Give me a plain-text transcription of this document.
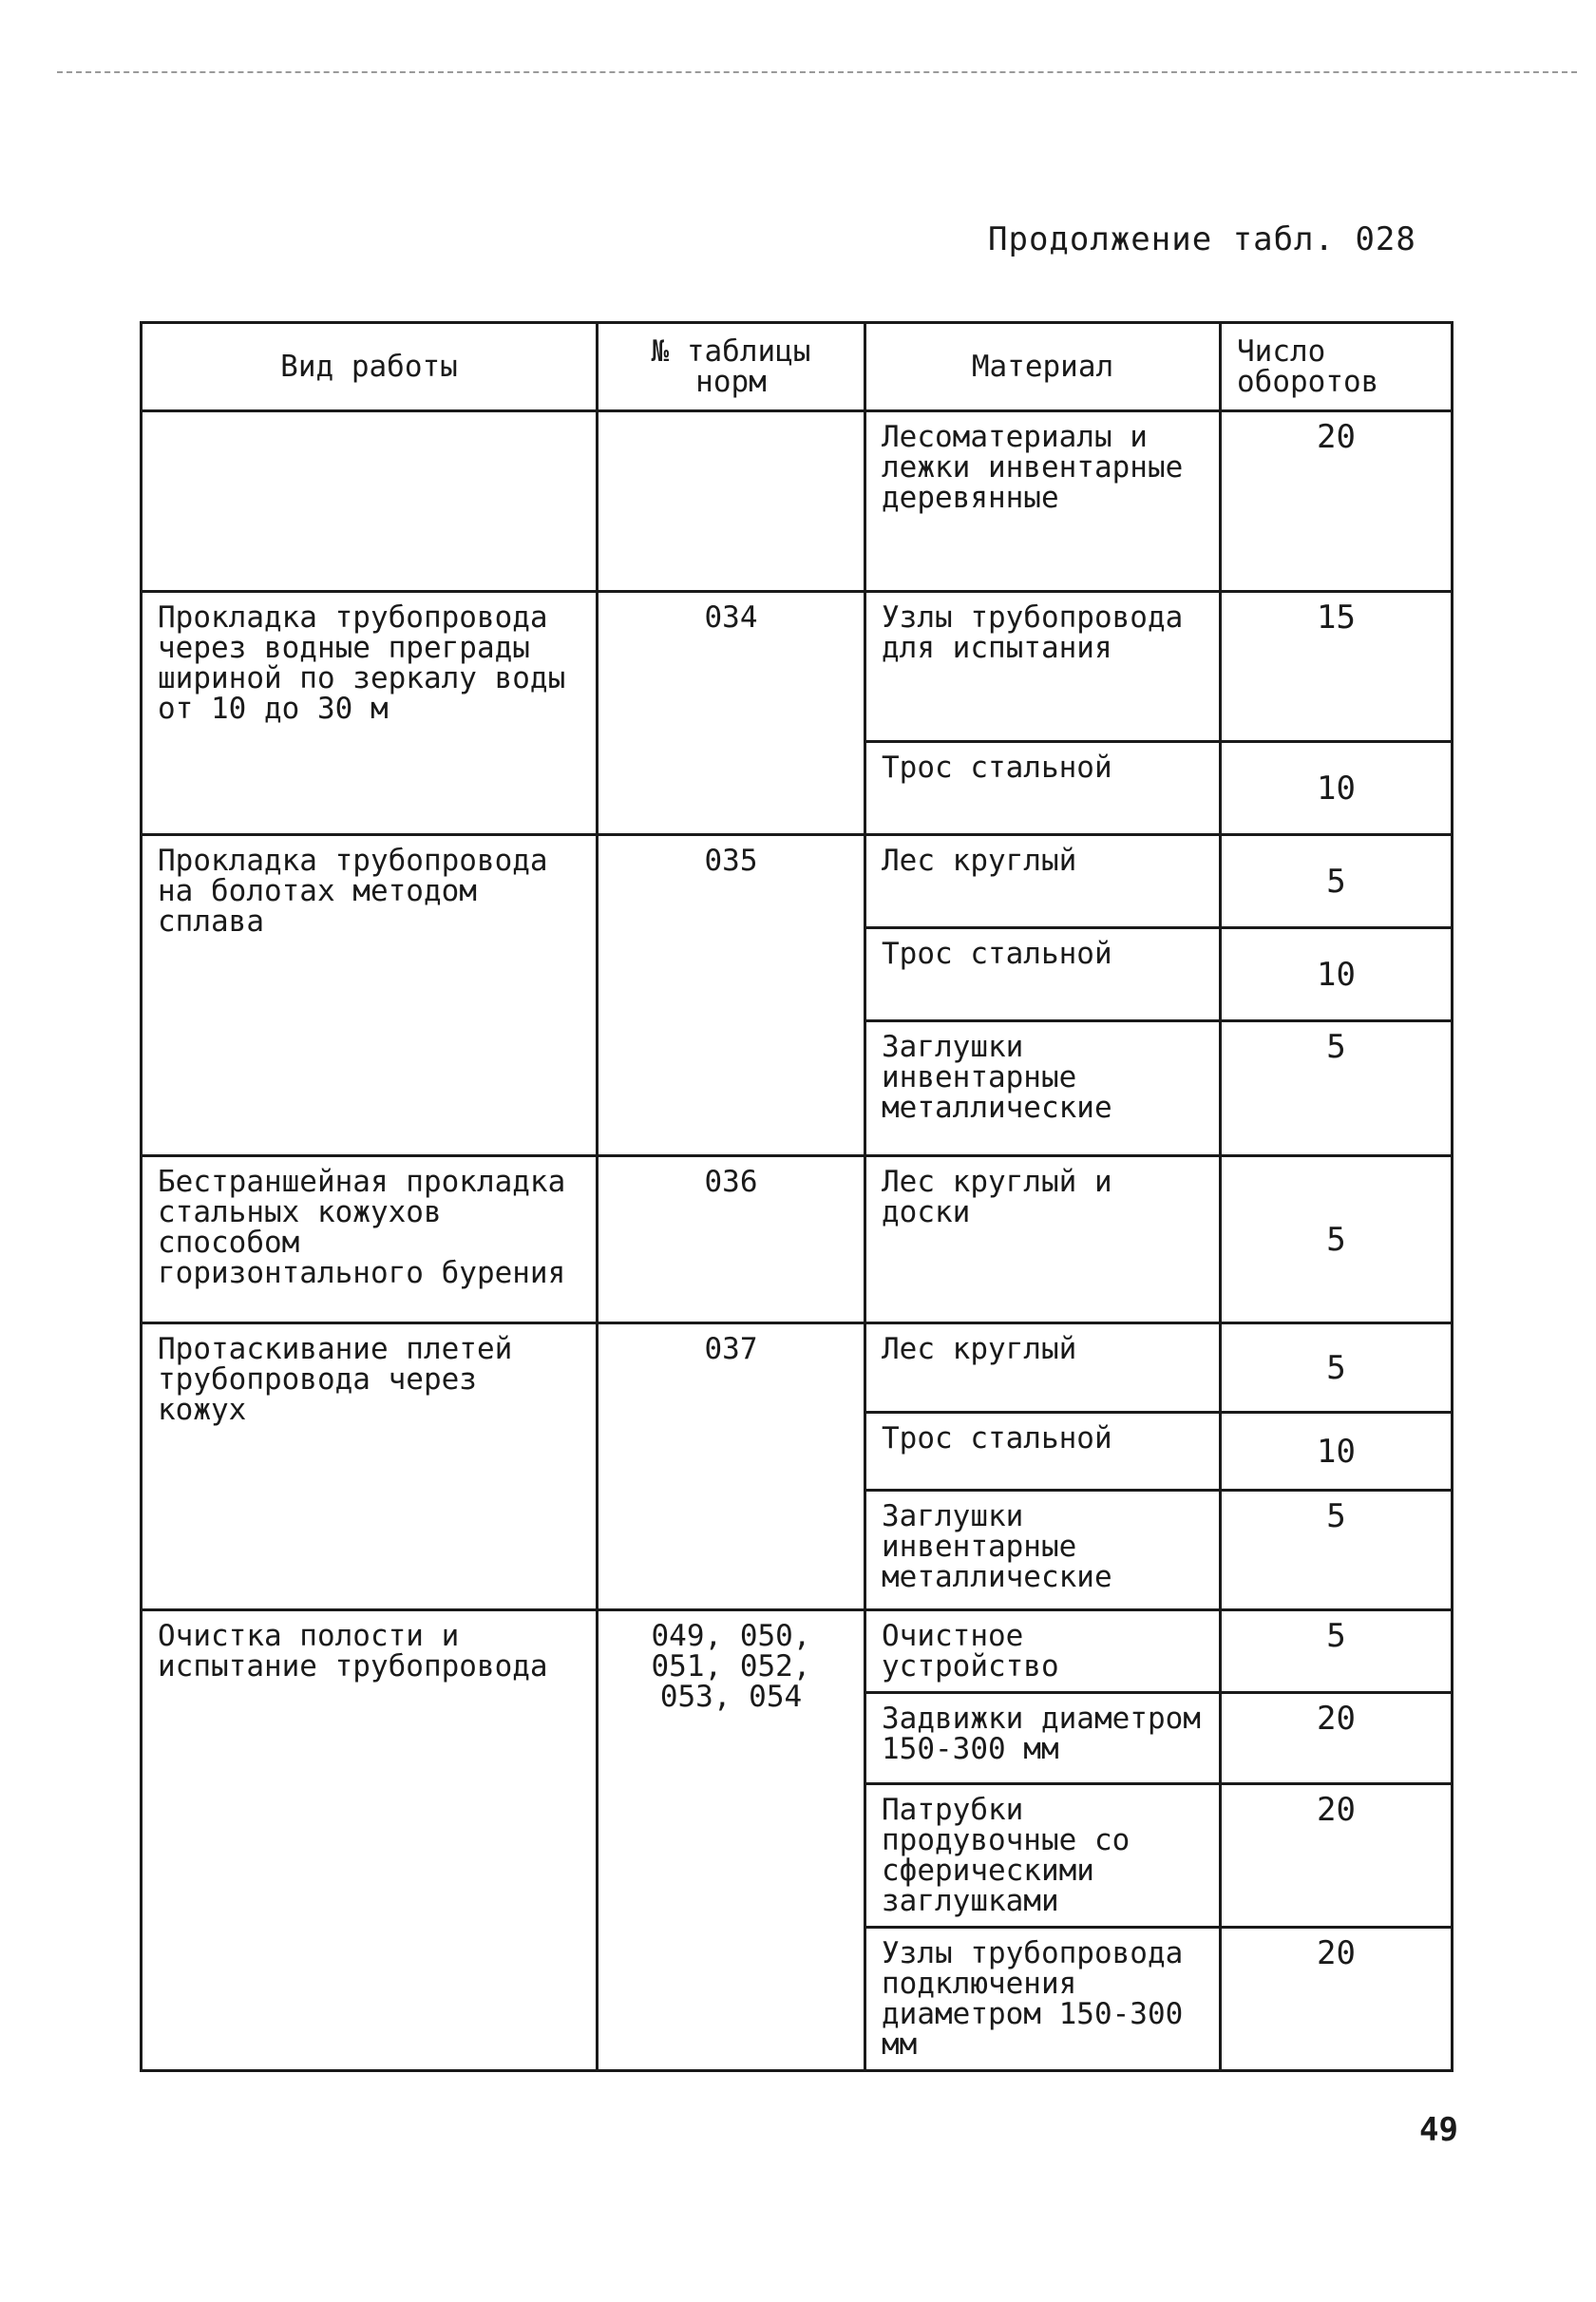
Продолжение табл. 028
Вид работы	№ таблицы норм	Материал	Число оборотов
		Лесоматериалы и лежки инвентарные деревянные	20
Прокладка трубопровода через водные преграды шириной по зеркалу воды от 10 до 30 м	034	Узлы трубопровода для испытания	15
		Трос стальной	10
Прокладка трубопровода на болотах методом сплава	035	Лес круглый	5
		Трос стальной	10
		Заглушки инвентарные металлические	5
Бестраншейная прокладка стальных кожухов способом горизонтального бурения	036	Лес круглый и доски	5
Протаскивание плетей трубопровода через кожух	037	Лес круглый	5
		Трос стальной	10
		Заглушки инвентарные металлические	5
Очистка полости и испытание трубопровода	049, 050, 051, 052, 053, 054	Очистное устройство	5
		Задвижки диаметром 150-300 мм	20
		Патрубки продувочные со сферическими заглушками	20
		Узлы трубопровода подключения диаметром 150-300 мм	20
49
